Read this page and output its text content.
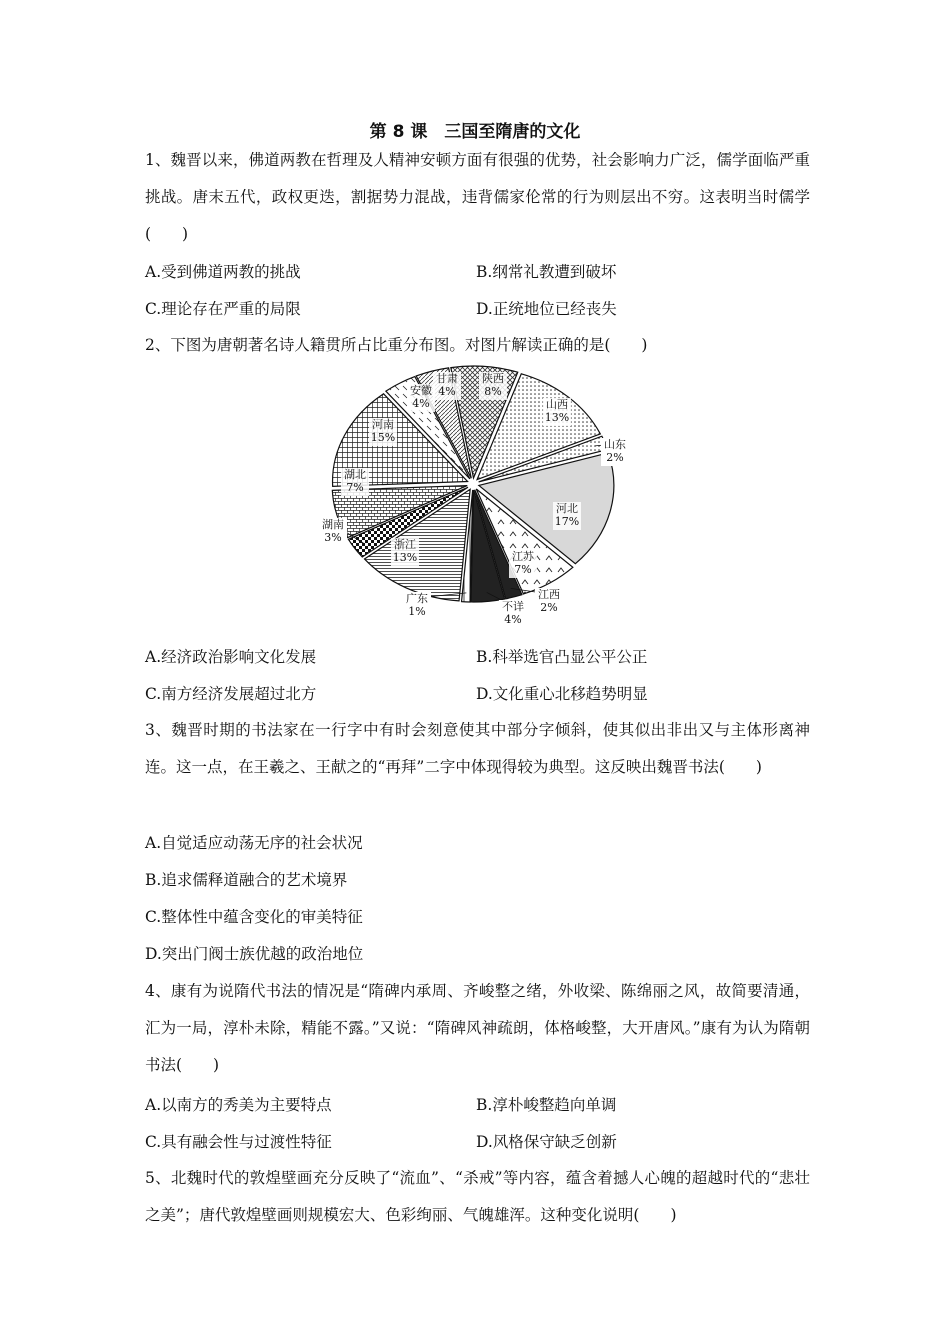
第 8 课　三国至隋唐的文化
1、魏晋以来，佛道两教在哲理及人精神安顿方面有很强的优势，社会影响力广泛，儒学面临严重挑战。唐末五代，政权更迭，割据势力混战，违背儒家伦常的行为则层出不穷。这表明当时儒学(　　)
A.受到佛道两教的挑战	B.纲常礼教遭到破坏
C.理论存在严重的局限	D.正统地位已经丧失
2、下图为唐朝著名诗人籍贯所占比重分布图。对图片解读正确的是(　　)
甘肃
4%
陕西
8%
山西
13%
山东
2%
河北
17%
江苏
7%
江西
2%
不详
4%
广东
1%
浙江
13%
湖南
3%
湖北
7%
河南
15%
安徽
4%
A.经济政治影响文化发展	B.科举选官凸显公平公正
C.南方经济发展超过北方	D.文化重心北移趋势明显
3、魏晋时期的书法家在一行字中有时会刻意使其中部分字倾斜，使其似出非出又与主体形离神连。这一点，在王羲之、王献之的“再拜”二字中体现得较为典型。这反映出魏晋书法(　　)
A.自觉适应动荡无序的社会状况
B.追求儒释道融合的艺术境界
C.整体性中蕴含变化的审美特征
D.突出门阀士族优越的政治地位
4、康有为说隋代书法的情况是“隋碑内承周、齐峻整之绪，外收梁、陈绵丽之风，故简要清通，汇为一局，淳朴未除，精能不露。”又说：“隋碑风神疏朗，体格峻整，大开唐风。”康有为认为隋朝书法(　　)
A.以南方的秀美为主要特点	B.淳朴峻整趋向单调
C.具有融会性与过渡性特征	D.风格保守缺乏创新
5、北魏时代的敦煌壁画充分反映了“流血”、“杀戒”等内容，蕴含着撼人心魄的超越时代的“悲壮之美”；唐代敦煌壁画则规模宏大、色彩绚丽、气魄雄浑。这种变化说明(　　)
